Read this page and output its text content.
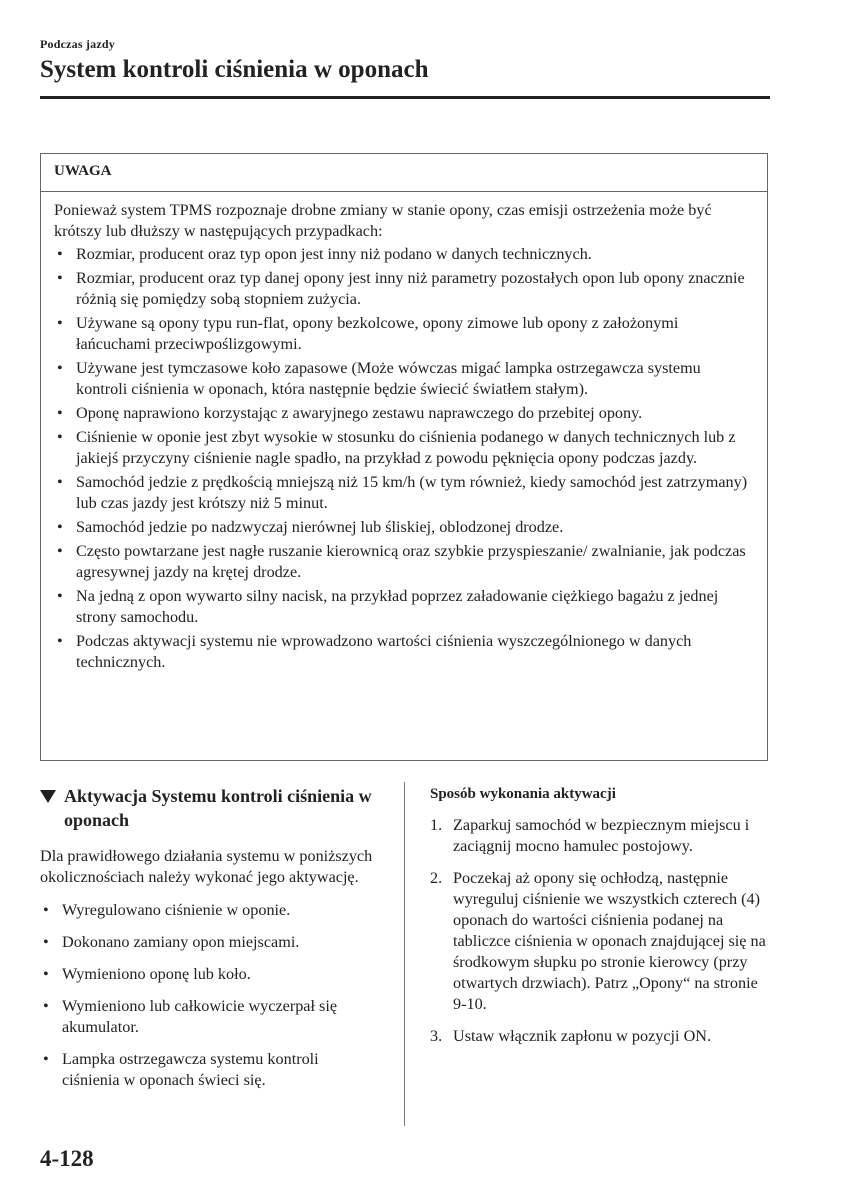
Podczas jazdy
System kontroli ciśnienia w oponach
UWAGA

Ponieważ system TPMS rozpoznaje drobne zmiany w stanie opony, czas emisji ostrzeżenia może być krótszy lub dłuższy w następujących przypadkach:

• Rozmiar, producent oraz typ opon jest inny niż podano w danych technicznych.
• Rozmiar, producent oraz typ danej opony jest inny niż parametry pozostałych opon lub opony znacznie różnią się pomiędzy sobą stopniem zużycia.
• Używane są opony typu run-flat, opony bezkolcowe, opony zimowe lub opony z założonymi łańcuchami przeciwpoślizgowymi.
• Używane jest tymczasowe koło zapasowe (Może wówczas migać lampka ostrzegawcza systemu kontroli ciśnienia w oponach, która następnie będzie świecić światłem stałym).
• Oponę naprawiono korzystając z awaryjnego zestawu naprawczego do przebitej opony.
• Ciśnienie w oponie jest zbyt wysokie w stosunku do ciśnienia podanego w danych technicznych lub z jakiejś przyczyny ciśnienie nagle spadło, na przykład z powodu pęknięcia opony podczas jazdy.
• Samochód jedzie z prędkością mniejszą niż 15 km/h (w tym również, kiedy samochód jest zatrzymany) lub czas jazdy jest krótszy niż 5 minut.
• Samochód jedzie po nadzwyczaj nierównej lub śliskiej, oblodzonej drodze.
• Często powtarzane jest nagłe ruszanie kierownicą oraz szybkie przyspieszanie/ zwalnianie, jak podczas agresywnej jazdy na krętej drodze.
• Na jedną z opon wywarto silny nacisk, na przykład poprzez załadowanie ciężkiego bagażu z jednej strony samochodu.
• Podczas aktywacji systemu nie wprowadzono wartości ciśnienia wyszczególnionego w danych technicznych.
Aktywacja Systemu kontroli ciśnienia w oponach

Dla prawidłowego działania systemu w poniższych okolicznościach należy wykonać jego aktywację.

• Wyregulowano ciśnienie w oponie.
• Dokonano zamiany opon miejscami.
• Wymieniono oponę lub koło.
• Wymieniono lub całkowicie wyczerpał się akumulator.
• Lampka ostrzegawcza systemu kontroli ciśnienia w oponach świeci się.
Sposób wykonania aktywacji
1. Zaparkuj samochód w bezpiecznym miejscu i zaciągnij mocno hamulec postojowy.
2. Poczekaj aż opony się ochłodzą, następnie wyreguluj ciśnienie we wszystkich czterech (4) oponach do wartości ciśnienia podanej na tabliczce ciśnienia w oponach znajdującej się na środkowym słupku po stronie kierowcy (przy otwartych drzwiach). Patrz „Opony“ na stronie 9-10.
3. Ustaw włącznik zapłonu w pozycji ON.
4-128
